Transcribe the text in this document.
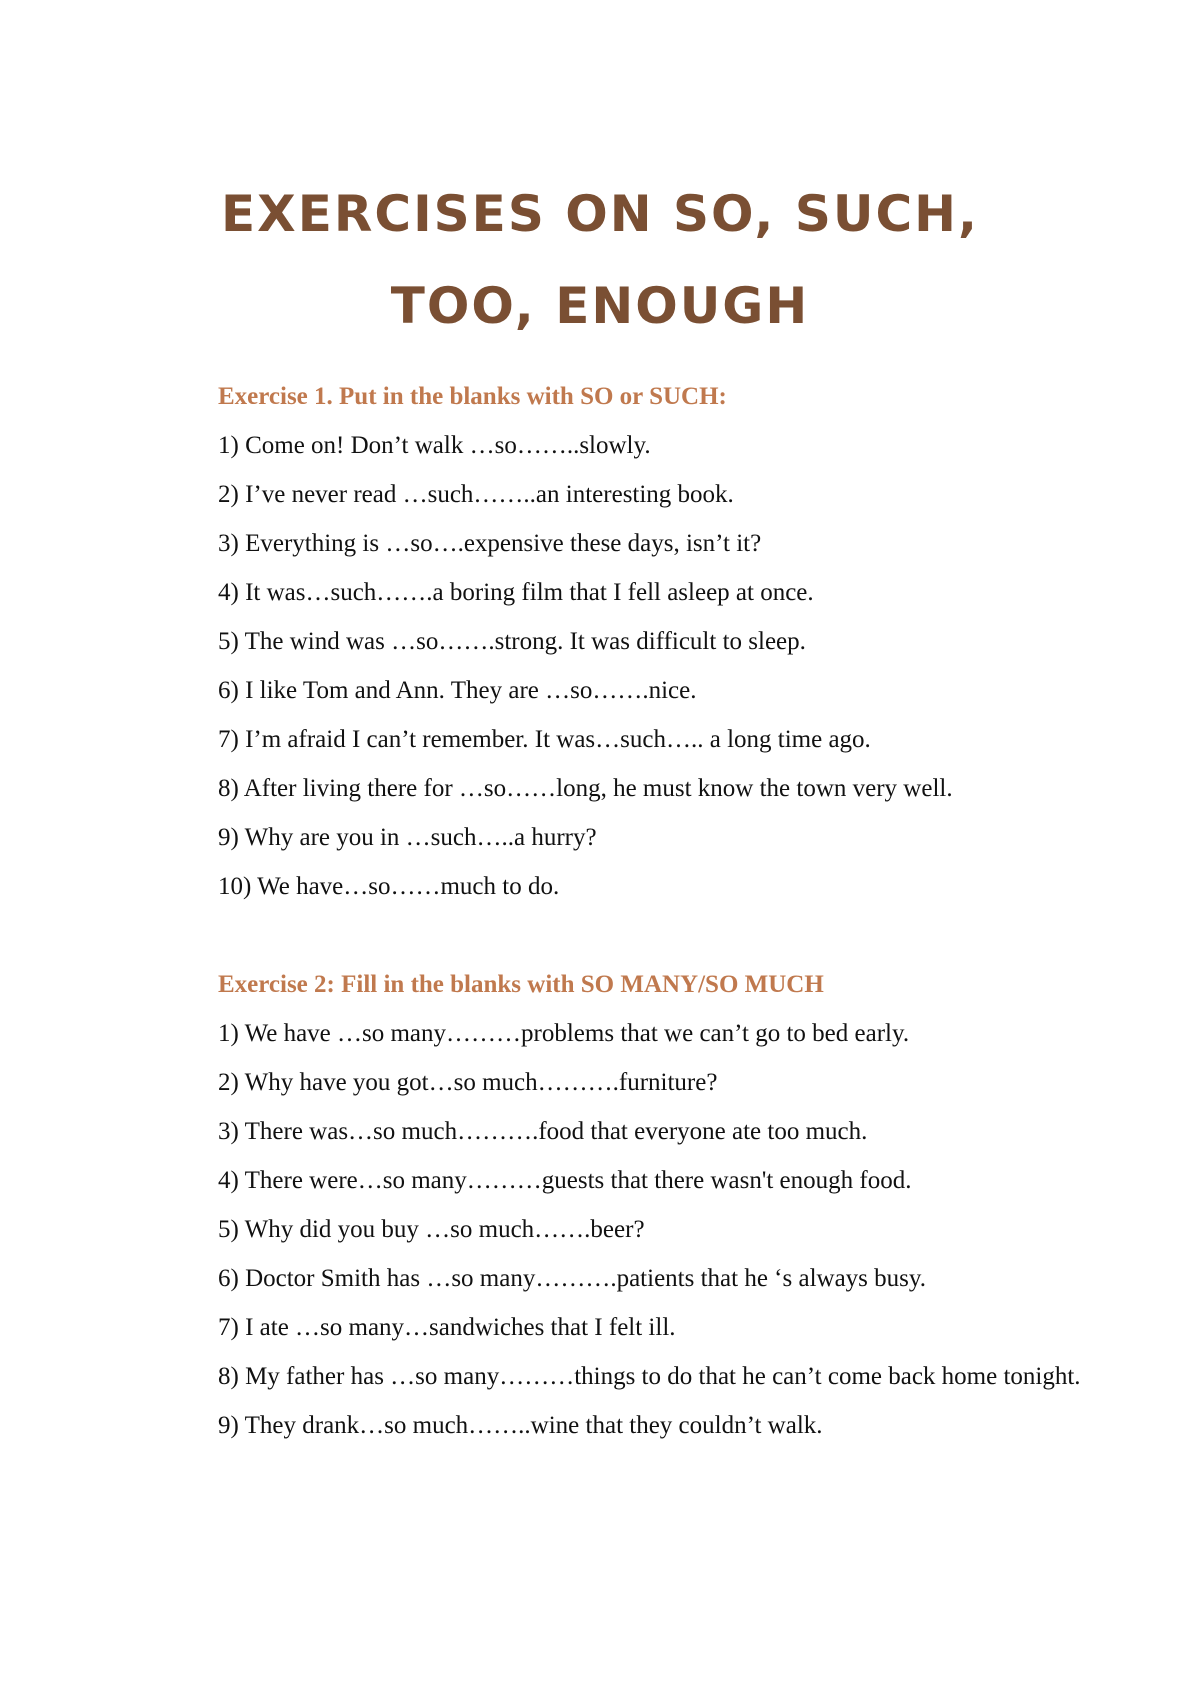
EXERCISES ON SO, SUCH,
TOO, ENOUGH
Exercise 1. Put in the blanks with SO or SUCH:
1) Come on! Don’t walk …so……..slowly.
2) I’ve never read …such……..an interesting book.
3) Everything is …so….expensive these days, isn’t it?
4) It was…such…….a boring film that I fell asleep at once.
5) The wind was …so…….strong. It was difficult to sleep.
6) I like Tom and Ann. They are …so…….nice.
7) I’m afraid I can’t remember. It was…such….. a long time ago.
8) After living there for …so……long, he must know the town very well.
9) Why are you in …such…..a hurry?
10) We have…so……much to do.
Exercise 2: Fill in the blanks with SO MANY/SO MUCH
1) We have …so many………problems that we can’t go to bed early.
2) Why have you got…so much……….furniture?
3) There was…so much……….food that everyone ate too much.
4) There were…so many………guests that there wasn't enough food.
5) Why did you buy …so much…….beer?
6) Doctor Smith has …so many……….patients that he ‘s always busy.
7) I ate …so many…sandwiches that I felt ill.
8) My father has …so many………things to do that he can’t come back home tonight.
9) They drank…so much……..wine that they couldn’t walk.
